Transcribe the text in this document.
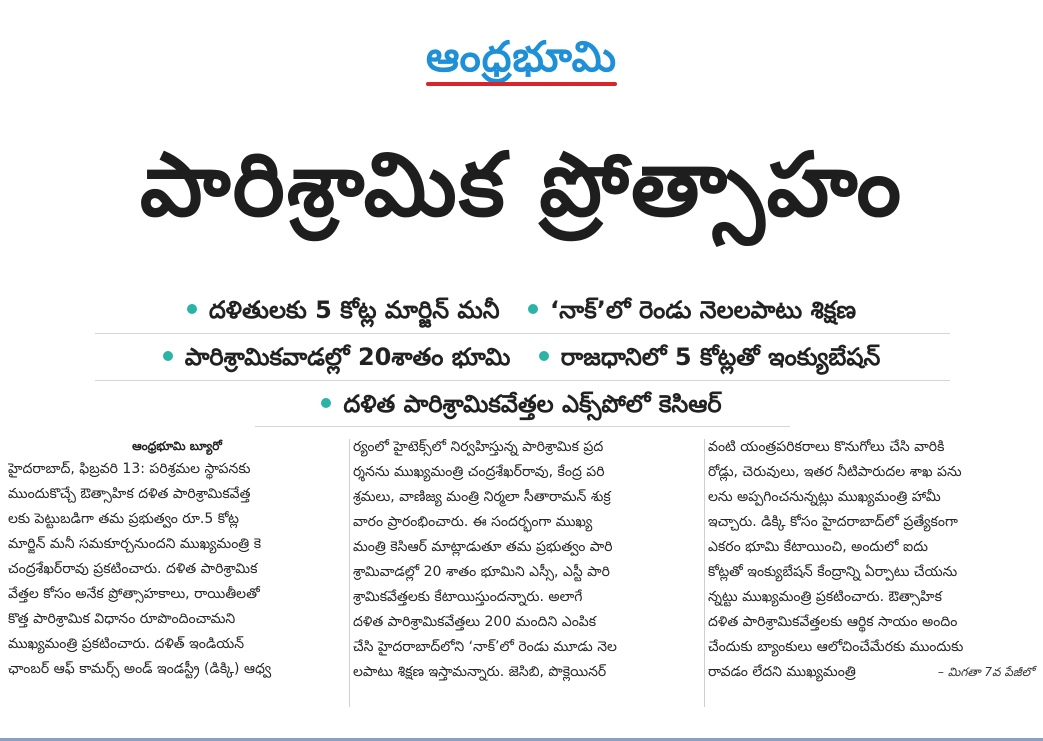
ఆంధ్రభూమి
పారిశ్రామిక ప్రోత్సాహం
దళితులకు 5 కోట్ల మార్జిన్ మనీ ‘నాక్’లో రెండు నెలలపాటు శిక్షణ
పారిశ్రామికవాడల్లో 20శాతం భూమి రాజధానిలో 5 కోట్లతో ఇంక్యుబేషన్
దళిత పారిశ్రామికవేత్తల ఎక్స్‌పోలో కెసిఆర్
ఆంధ్రభూమి బ్యూరో
హైదరాబాద్, ఫిబ్రవరి 13: పరిశ్రమల స్థాపనకు
ముందుకొచ్చే ఔత్సాహిక దళిత పారిశ్రామికవేత్త
లకు పెట్టుబడిగా తమ ప్రభుత్వం రూ.5 కోట్ల
మార్జిన్ మనీ సమకూర్చనుందని ముఖ్యమంత్రి కె
చంద్రశేఖర్‌రావు ప్రకటించారు. దళిత పారిశ్రామిక
వేత్తల కోసం అనేక ప్రోత్సాహకాలు, రాయితీలతో
కొత్త పారిశ్రామిక విధానం రూపొందించామని
ముఖ్యమంత్రి ప్రకటించారు. దళిత్ ఇండియన్
ఛాంబర్ ఆఫ్ కామర్స్ అండ్ ఇండస్ట్రీ (డిక్కి) ఆధ్వ
ర్యంలో హైటెక్స్‌లో నిర్వహిస్తున్న పారిశ్రామిక ప్రద
ర్శనను ముఖ్యమంత్రి చంద్రశేఖర్‌రావు, కేంద్ర పరి
శ్రమలు, వాణిజ్య మంత్రి నిర్మలా సీతారామన్ శుక్ర
వారం ప్రారంభించారు. ఈ సందర్భంగా ముఖ్య
మంత్రి కెసిఆర్ మాట్లాడుతూ తమ ప్రభుత్వం పారి
శ్రామివాడల్లో 20 శాతం భూమిని ఎస్సీ, ఎస్టీ పారి
శ్రామికవేత్తలకు కేటాయిస్తుందన్నారు. అలాగే
దళిత పారిశ్రామికవేత్తలు 200 మందిని ఎంపిక
చేసి హైదరాబాద్‌లోని ‘నాక్’లో రెండు మూడు నెల
లపాటు శిక్షణ ఇస్తామన్నారు. జెసిబి, పొక్లెయినర్
వంటి యంత్రపరికరాలు కొనుగోలు చేసి వారికి
రోడ్లు, చెరువులు, ఇతర నీటిపారుదల శాఖ పను
లను అప్పగించనున్నట్లు ముఖ్యమంత్రి హామీ
ఇచ్చారు. డిక్కి కోసం హైదరాబాద్‌లో ప్రత్యేకంగా
ఎకరం భూమి కేటాయించి, అందులో ఐదు
కోట్లతో ఇంక్యుబేషన్ కేంద్రాన్ని ఏర్పాటు చేయను
న్నట్టు ముఖ్యమంత్రి ప్రకటించారు. ఔత్సాహిక
దళిత పారిశ్రామికవేత్తలకు ఆర్థిక సాయం అందిం
చేందుకు బ్యాంకులు ఆలోచించేమేరకు ముందుకు
రావడం లేదని ముఖ్యమంత్రి	– మిగతా 7వ పేజీలో
